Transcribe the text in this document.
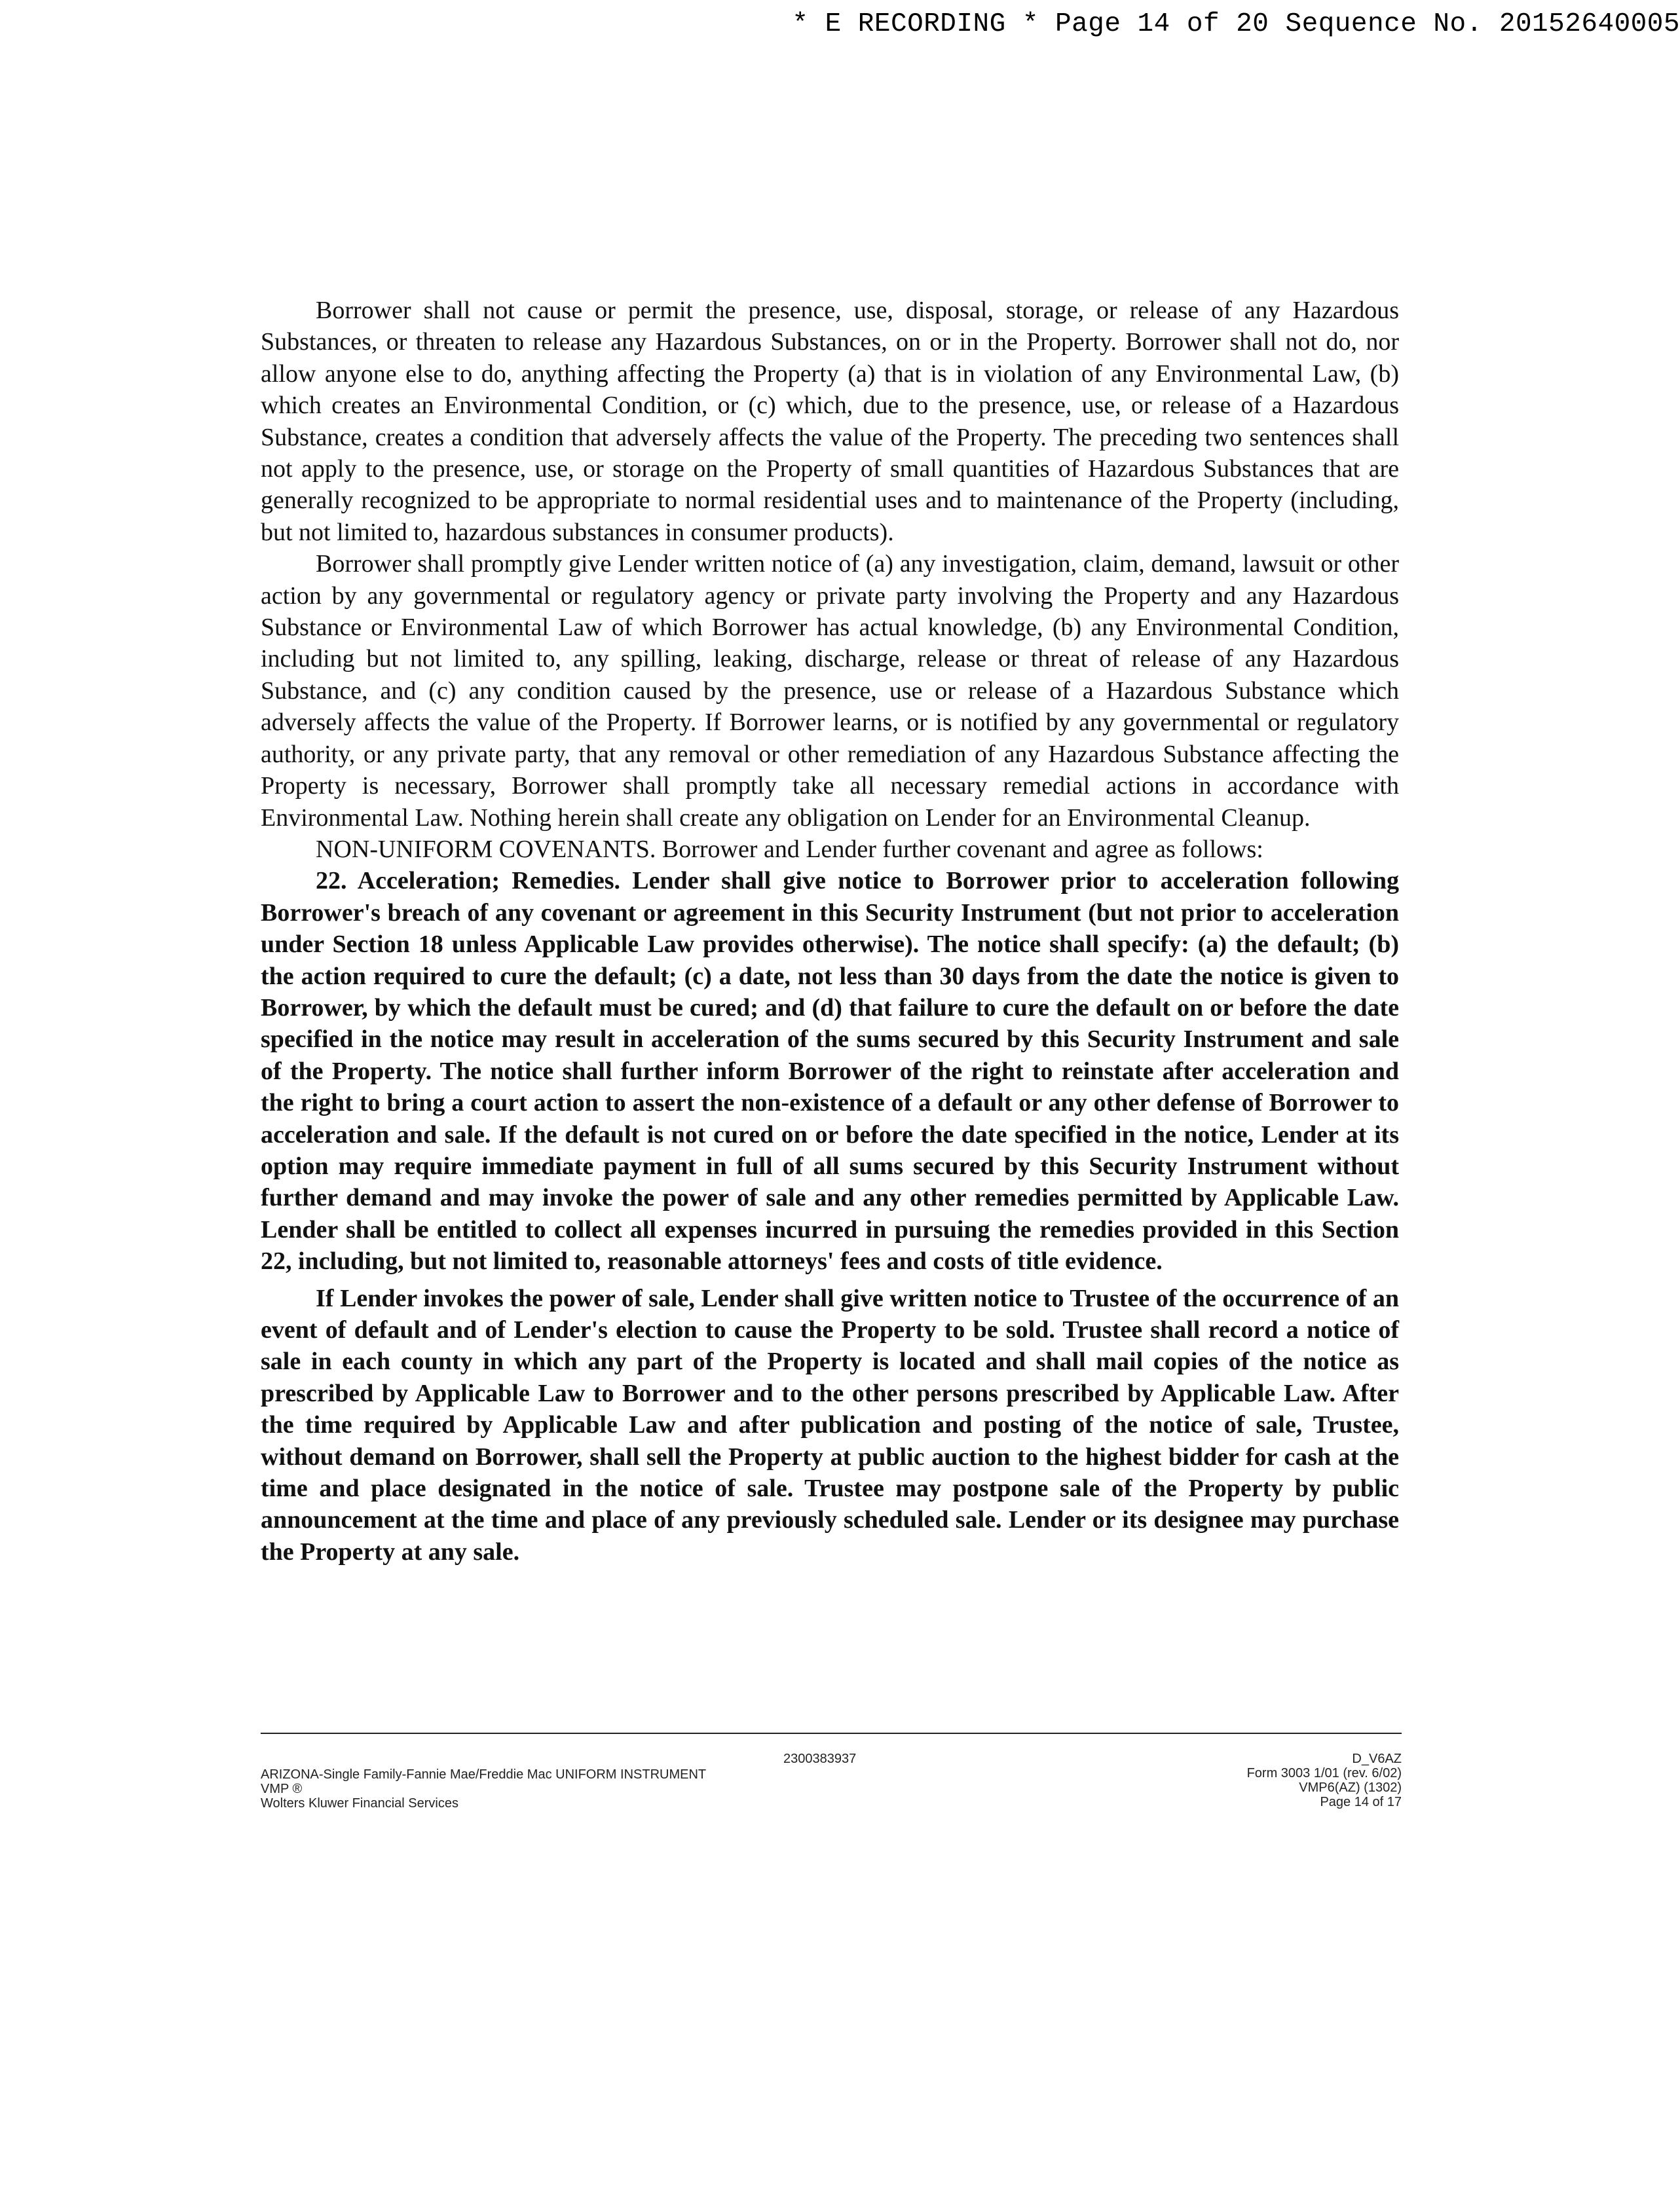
* E RECORDING * Page 14 of 20 Sequence No. 20152640005

Borrower shall not cause or permit the presence, use, disposal, storage, or release of any Hazardous Substances, or threaten to release any Hazardous Substances, on or in the Property. Borrower shall not do, nor allow anyone else to do, anything affecting the Property (a) that is in violation of any Environmental Law, (b) which creates an Environmental Condition, or (c) which, due to the presence, use, or release of a Hazardous Substance, creates a condition that adversely affects the value of the Property. The preceding two sentences shall not apply to the presence, use, or storage on the Property of small quantities of Hazardous Substances that are generally recognized to be appropriate to normal residential uses and to maintenance of the Property (including, but not limited to, hazardous substances in consumer products).

Borrower shall promptly give Lender written notice of (a) any investigation, claim, demand, lawsuit or other action by any governmental or regulatory agency or private party involving the Property and any Hazardous Substance or Environmental Law of which Borrower has actual knowledge, (b) any Environmental Condition, including but not limited to, any spilling, leaking, discharge, release or threat of release of any Hazardous Substance, and (c) any condition caused by the presence, use or release of a Hazardous Substance which adversely affects the value of the Property. If Borrower learns, or is notified by any governmental or regulatory authority, or any private party, that any removal or other remediation of any Hazardous Substance affecting the Property is necessary, Borrower shall promptly take all necessary remedial actions in accordance with Environmental Law. Nothing herein shall create any obligation on Lender for an Environmental Cleanup.

NON-UNIFORM COVENANTS. Borrower and Lender further covenant and agree as follows:

22. Acceleration; Remedies. Lender shall give notice to Borrower prior to acceleration following Borrower's breach of any covenant or agreement in this Security Instrument (but not prior to acceleration under Section 18 unless Applicable Law provides otherwise). The notice shall specify: (a) the default; (b) the action required to cure the default; (c) a date, not less than 30 days from the date the notice is given to Borrower, by which the default must be cured; and (d) that failure to cure the default on or before the date specified in the notice may result in acceleration of the sums secured by this Security Instrument and sale of the Property. The notice shall further inform Borrower of the right to reinstate after acceleration and the right to bring a court action to assert the non-existence of a default or any other defense of Borrower to acceleration and sale. If the default is not cured on or before the date specified in the notice, Lender at its option may require immediate payment in full of all sums secured by this Security Instrument without further demand and may invoke the power of sale and any other remedies permitted by Applicable Law. Lender shall be entitled to collect all expenses incurred in pursuing the remedies provided in this Section 22, including, but not limited to, reasonable attorneys' fees and costs of title evidence.

If Lender invokes the power of sale, Lender shall give written notice to Trustee of the occurrence of an event of default and of Lender's election to cause the Property to be sold. Trustee shall record a notice of sale in each county in which any part of the Property is located and shall mail copies of the notice as prescribed by Applicable Law to Borrower and to the other persons prescribed by Applicable Law. After the time required by Applicable Law and after publication and posting of the notice of sale, Trustee, without demand on Borrower, shall sell the Property at public auction to the highest bidder for cash at the time and place designated in the notice of sale. Trustee may postpone sale of the Property by public announcement at the time and place of any previously scheduled sale. Lender or its designee may purchase the Property at any sale.

2300383937
ARIZONA-Single Family-Fannie Mae/Freddie Mac UNIFORM INSTRUMENT
VMP ®
Wolters Kluwer Financial Services
D_V6AZ
Form 3003 1/01 (rev. 6/02)
VMP6(AZ) (1302)
Page 14 of 17
